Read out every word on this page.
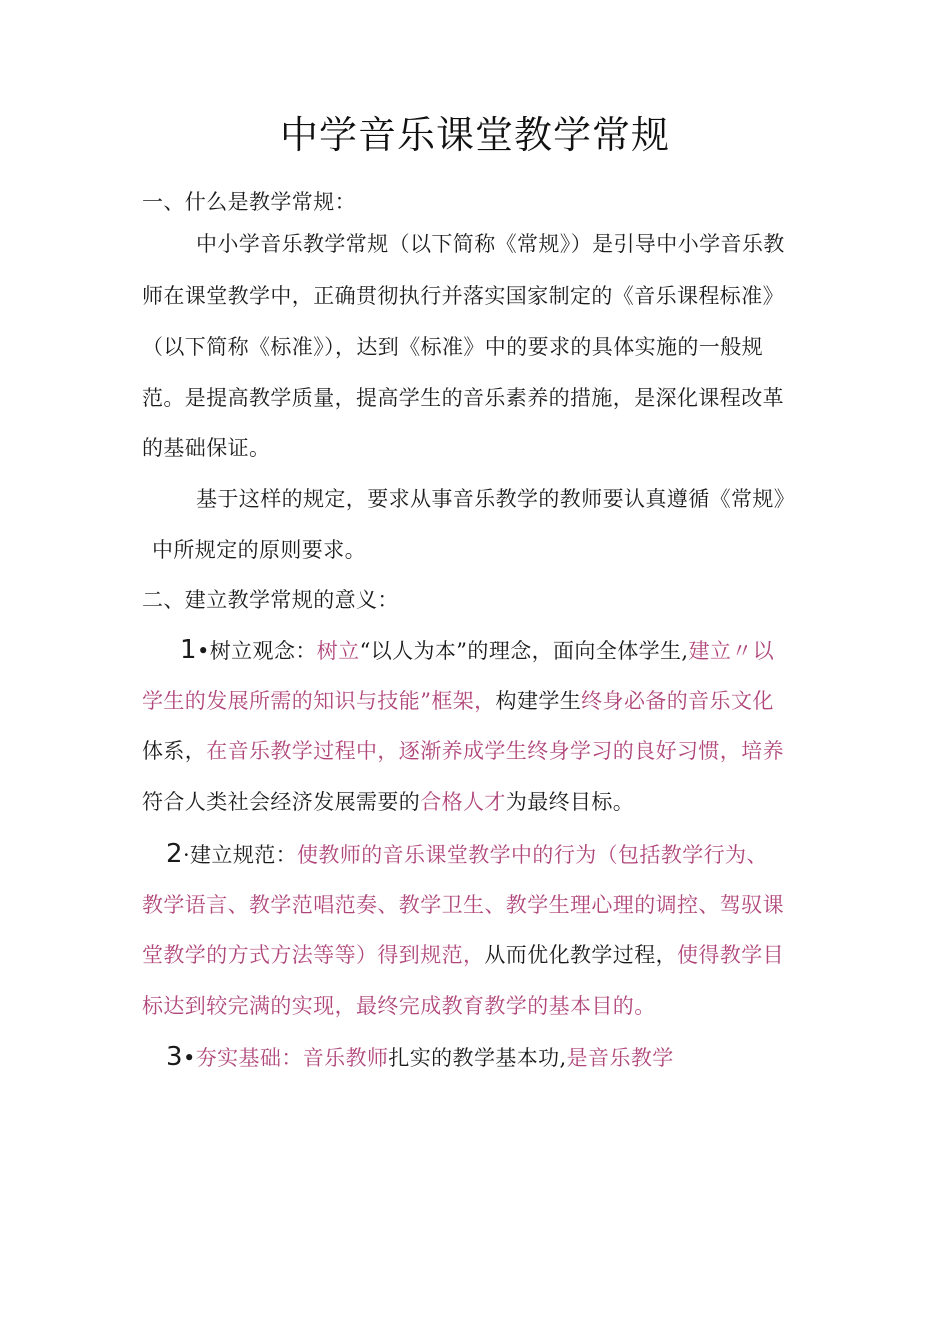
中学音乐课堂教学常规
一、什么是教学常规：
中小学音乐教学常规（以下简称《常规》）是引导中小学音乐教
师在课堂教学中，正确贯彻执行并落实国家制定的《音乐课程标准》
（以下简称《标准》），达到《标准》中的要求的具体实施的一般规
范。是提高教学质量，提高学生的音乐素养的措施，是深化课程改革
的基础保证。
基于这样的规定，要求从事音乐教学的教师要认真遵循《常规》
中所规定的原则要求。
二、建立教学常规的意义：
1•树立观念：树立“以人为本”的理念，面向全体学生,建立〃以
学生的发展所需的知识与技能”框架，构建学生终身必备的音乐文化
体系，在音乐教学过程中，逐渐养成学生终身学习的良好习惯，培养
符合人类社会经济发展需要的合格人才为最终目标。
2·建立规范：使教师的音乐课堂教学中的行为（包括教学行为、
教学语言、教学范唱范奏、教学卫生、教学生理心理的调控、驾驭课
堂教学的方式方法等等）得到规范，从而优化教学过程，使得教学目
标达到较完满的实现，最终完成教育教学的基本目的。
3•夯实基础：音乐教师扎实的教学基本功,是音乐教学
